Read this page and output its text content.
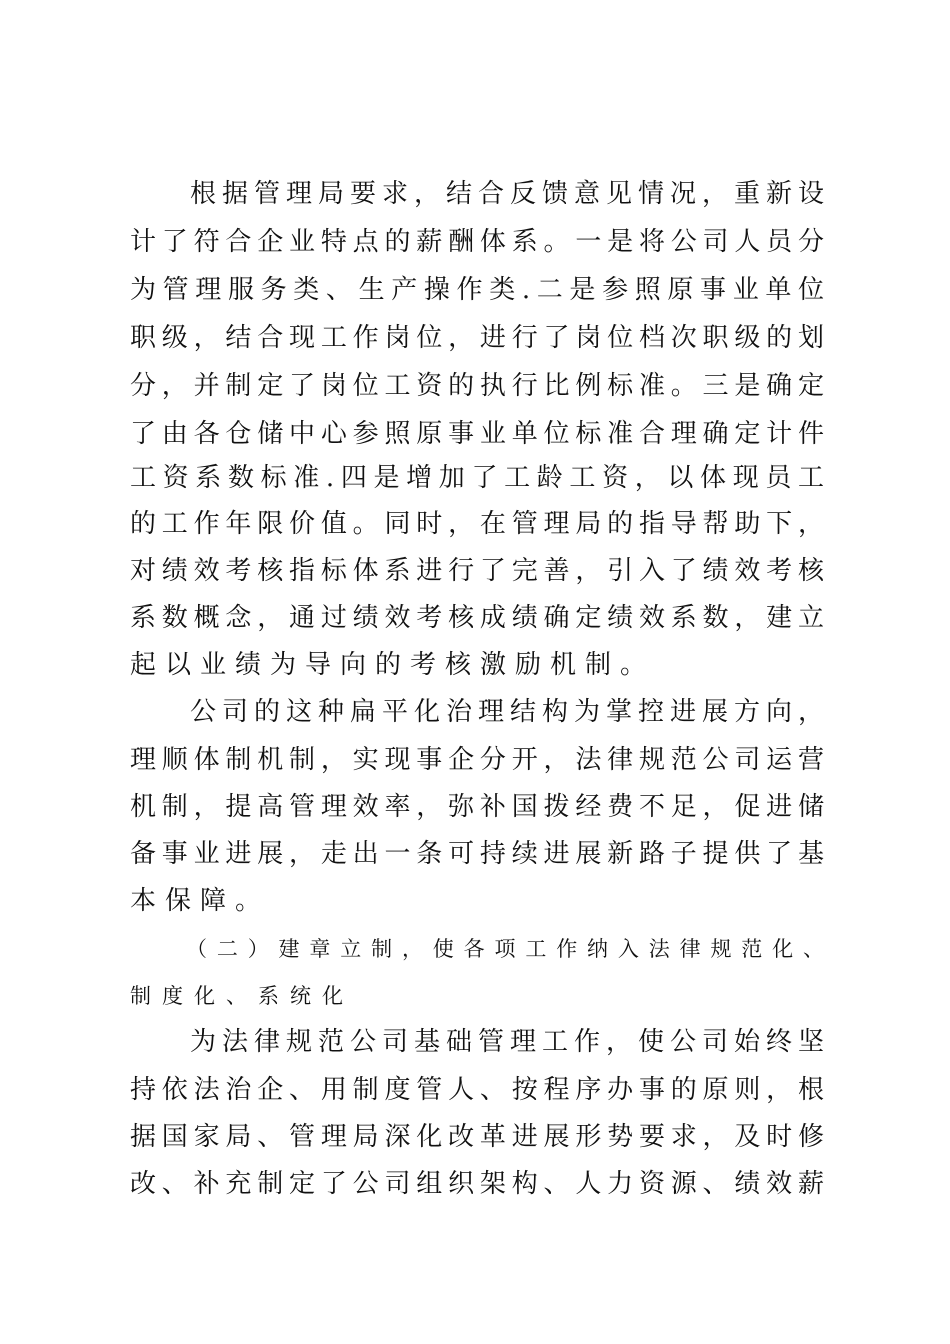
根据管理局要求，结合反馈意见情况，重新设

计了符合企业特点的薪酬体系。一是将公司人员分

为管理服务类、生产操作类.二是参照原事业单位

职级，结合现工作岗位，进行了岗位档次职级的划

分，并制定了岗位工资的执行比例标准。三是确定

了由各仓储中心参照原事业单位标准合理确定计件

工资系数标准.四是增加了工龄工资，以体现员工

的工作年限价值。同时，在管理局的指导帮助下，

对绩效考核指标体系进行了完善，引入了绩效考核

系数概念，通过绩效考核成绩确定绩效系数，建立

起以业绩为导向的考核激励机制。

公司的这种扁平化治理结构为掌控进展方向，

理顺体制机制，实现事企分开，法律规范公司运营

机制，提高管理效率，弥补国拨经费不足，促进储

备事业进展，走出一条可持续进展新路子提供了基

本保障。

（二）建章立制，使各项工作纳入法律规范化、

制度化、系统化

为法律规范公司基础管理工作，使公司始终坚

持依法治企、用制度管人、按程序办事的原则，根

据国家局、管理局深化改革进展形势要求，及时修

改、补充制定了公司组织架构、人力资源、绩效薪
